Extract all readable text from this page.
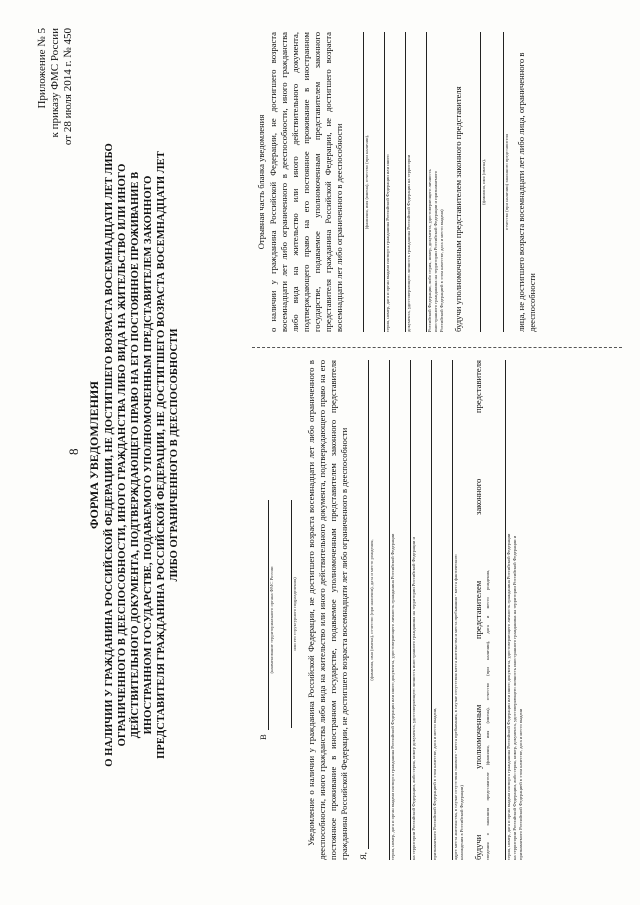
8
Приложение № 5 к приказу ФМС России от 28 июля 2014 г. № 450
ФОРМА УВЕДОМЛЕНИЯ О НАЛИЧИИ У ГРАЖДАНИНА РОССИЙСКОЙ ФЕДЕРАЦИИ, НЕ ДОСТИГШЕГО ВОЗРАСТА ВОСЕМНАДЦАТИ ЛЕТ ЛИБО ОГРАНИЧЕННОГО В ДЕЕСПОСОБНОСТИ, ИНОГО ГРАЖДАНСТВА ЛИБО ВИДА НА ЖИТЕЛЬСТВО ИЛИ ИНОГО ДЕЙСТВИТЕЛЬНОГО ДОКУМЕНТА, ПОДТВЕРЖДАЮЩЕГО ПРАВО НА ЕГО ПОСТОЯННОЕ ПРОЖИВАНИЕ В ИНОСТРАННОМ ГОСУДАРСТВЕ, ПОДАВАЕМОГО УПОЛНОМОЧЕННЫМ ПРЕДСТАВИТЕЛЕМ ЗАКОННОГО ПРЕДСТАВИТЕЛЯ ГРАЖДАНИНА РОССИЙСКОЙ ФЕДЕРАЦИИ, НЕ ДОСТИГШЕГО ВОЗРАСТА ВОСЕМНАДЦАТИ ЛЕТ ЛИБО ОГРАНИЧЕННОГО В ДЕЕСПОСОБНОСТИ
В
(наименование территориального органа ФМС России	или его структурного подразделения) Уведомление о наличии у гражданина Российской Федерации, не достигшего возраста восемнадцати лет либо ограниченного в дееспособности, иного гражданства либо вида на жительство или иного действительного документа, подтверждающего право на его постоянное проживание в иностранном государстве, подаваемое уполномоченным представителем законного представителя гражданина Российской Федерации, не достигшего возраста восемнадцати лет либо ограниченного в дееспособности Я,
(фамилия, имя (имена), отчество (при наличии), дата и место рождения,	серия, номер, дата и орган выдачи паспорта гражданина Российской Федерации или иного документа, удостоверяющего личность гражданина Российской Федерации	на территории Российской Федерации, либо серия, номер документа, удостоверяющего личность иностранного гражданина на территории Российской Федерации и	признаваемого Российской Федерацией в этом качестве, дата и место выдачи,	адрес места жительства, в случае отсутствия такового - места пребывания, в случае отсутствия места жительства и места пребывания - места фактического нахождения в Российской Федерации) будучи
уполномоченным
представителем
законного
представителя
сведения о законном представителе (фамилия, имя (имена), отчество (при наличии), дата и место рождения,	серия, номер, дата и орган выдачи паспорта гражданина Российской Федерации или иного документа, удостоверяющего личность гражданина Российской Федерации на территории Российской Федерации, либо серия, номер, документа, удостоверяющего личность иностранного гражданина на территории Российской Федерации и признаваемого Российской Федерацией в этом качестве, дата и место выдачи
Отрывная часть бланка уведомления о наличии у гражданина Российской Федерации, не достигшего возраста восемнадцати лет либо ограниченного в дееспособности, иного гражданства либо вида на жительство или иного действительного документа, подтверждающего право на его постоянное проживание в иностранном государстве, подаваемое уполномоченным представителем законного представителя гражданина Российской Федерации, не достигшего возраста восемнадцати лет либо ограниченного в дееспособности	(фамилия, имя (имена), отчество (при наличии),	серия, номер, дата и орган выдачи паспорта гражданина Российской Федерации или иного	документа, удостоверяющего личность гражданина Российской Федерации на территории	Российской Федерации, либо серия, номер, документа, удостоверяющего личность иностранного гражданина на территории Российской Федерации и признаваемого Российской Федерацией в этом качестве, дата и место выдачи) будучи уполномоченным представителем законного представителя	(фамилия, имя (имена),	отчество (при наличии) законного представителя лица, не достигшего возраста восемнадцати лет либо лица, ограниченного в дееспособности
